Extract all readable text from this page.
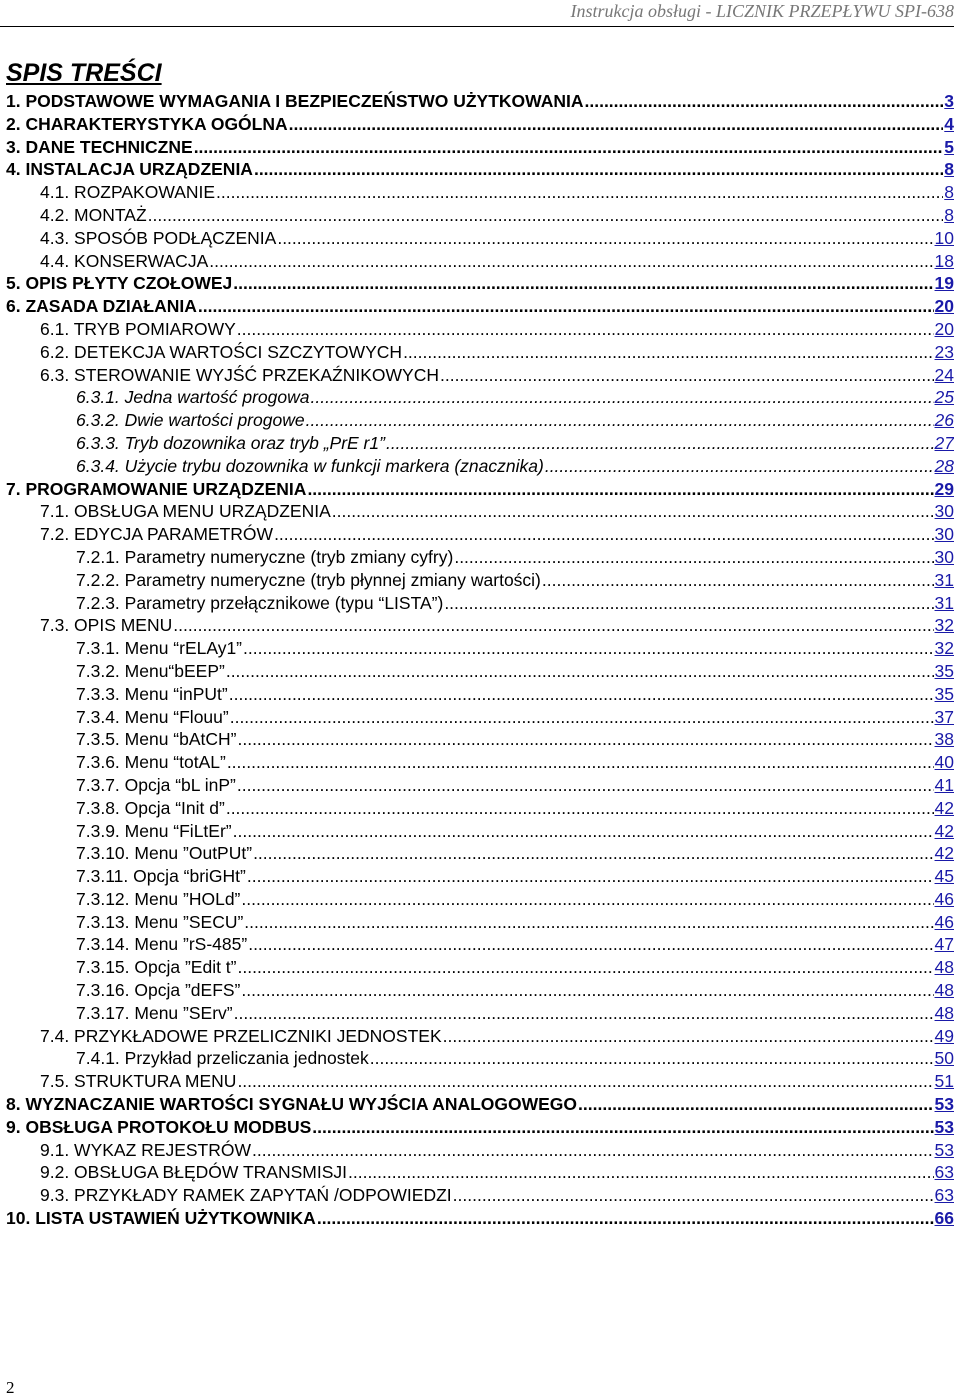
Instrukcja obsługi - LICZNIK PRZEPŁYWU SPI-638
SPIS TREŚCI
1. PODSTAWOWE WYMAGANIA I BEZPIECZEŃSTWO UŻYTKOWANIA .....	3
2. CHARAKTERYSTYKA OGÓLNA .....	4
3. DANE TECHNICZNE .....	5
4. INSTALACJA URZĄDZENIA .....	8
4.1. ROZPAKOWANIE .....	8
4.2. MONTAŻ .....	8
4.3. SPOSÓB PODŁĄCZENIA .....	10
4.4. KONSERWACJA .....	18
5. OPIS PŁYTY CZOŁOWEJ .....	19
6. ZASADA DZIAŁANIA .....	20
6.1. TRYB POMIAROWY .....	20
6.2. DETEKCJA WARTOŚCI SZCZYTOWYCH .....	23
6.3. STEROWANIE WYJŚĆ PRZEKAŹNIKOWYCH .....	24
6.3.1. Jedna wartość progowa .....	25
6.3.2. Dwie wartości progowe .....	26
6.3.3. Tryb dozownika oraz tryb „PrE r1” .....	27
6.3.4. Użycie trybu dozownika w funkcji markera (znacznika) .....	28
7. PROGRAMOWANIE URZĄDZENIA .....	29
7.1. OBSŁUGA MENU URZĄDZENIA .....	30
7.2. EDYCJA PARAMETRÓW .....	30
7.2.1. Parametry numeryczne (tryb zmiany cyfry) .....	30
7.2.2. Parametry numeryczne (tryb płynnej zmiany wartości) .....	31
7.2.3. Parametry przełącznikowe (typu “LISTA”) .....	31
7.3. OPIS MENU .....	32
7.3.1. Menu “rELAy1” .....	32
7.3.2. Menu“bEEP” .....	35
7.3.3. Menu “inPUt” .....	35
7.3.4. Menu “Flouu” .....	37
7.3.5. Menu “bAtCH” .....	38
7.3.6. Menu “totAL” .....	40
7.3.7. Opcja “bL inP” .....	41
7.3.8. Opcja “Init d” .....	42
7.3.9. Menu “FiLtEr” .....	42
7.3.10. Menu ”OutPUt” .....	42
7.3.11. Opcja “briGHt” .....	45
7.3.12. Menu ”HOLd” .....	46
7.3.13. Menu ”SECU” .....	46
7.3.14. Menu ”rS-485” .....	47
7.3.15. Opcja ”Edit t” .....	48
7.3.16. Opcja ”dEFS” .....	48
7.3.17. Menu ”SErv” .....	48
7.4. PRZYKŁADOWE PRZELICZNIKI JEDNOSTEK .....	49
7.4.1. Przykład przeliczania jednostek .....	50
7.5. STRUKTURA MENU .....	51
8. WYZNACZANIE WARTOŚCI SYGNAŁU WYJŚCIA ANALOGOWEGO .....	53
9. OBSŁUGA PROTOKOŁU MODBUS .....	53
9.1. WYKAZ REJESTRÓW .....	53
9.2. OBSŁUGA BŁĘDÓW TRANSMISJI .....	63
9.3. PRZYKŁADY RAMEK ZAPYTAŃ /ODPOWIEDZI .....	63
10. LISTA USTAWIEŃ UŻYTKOWNIKA .....	66
2
